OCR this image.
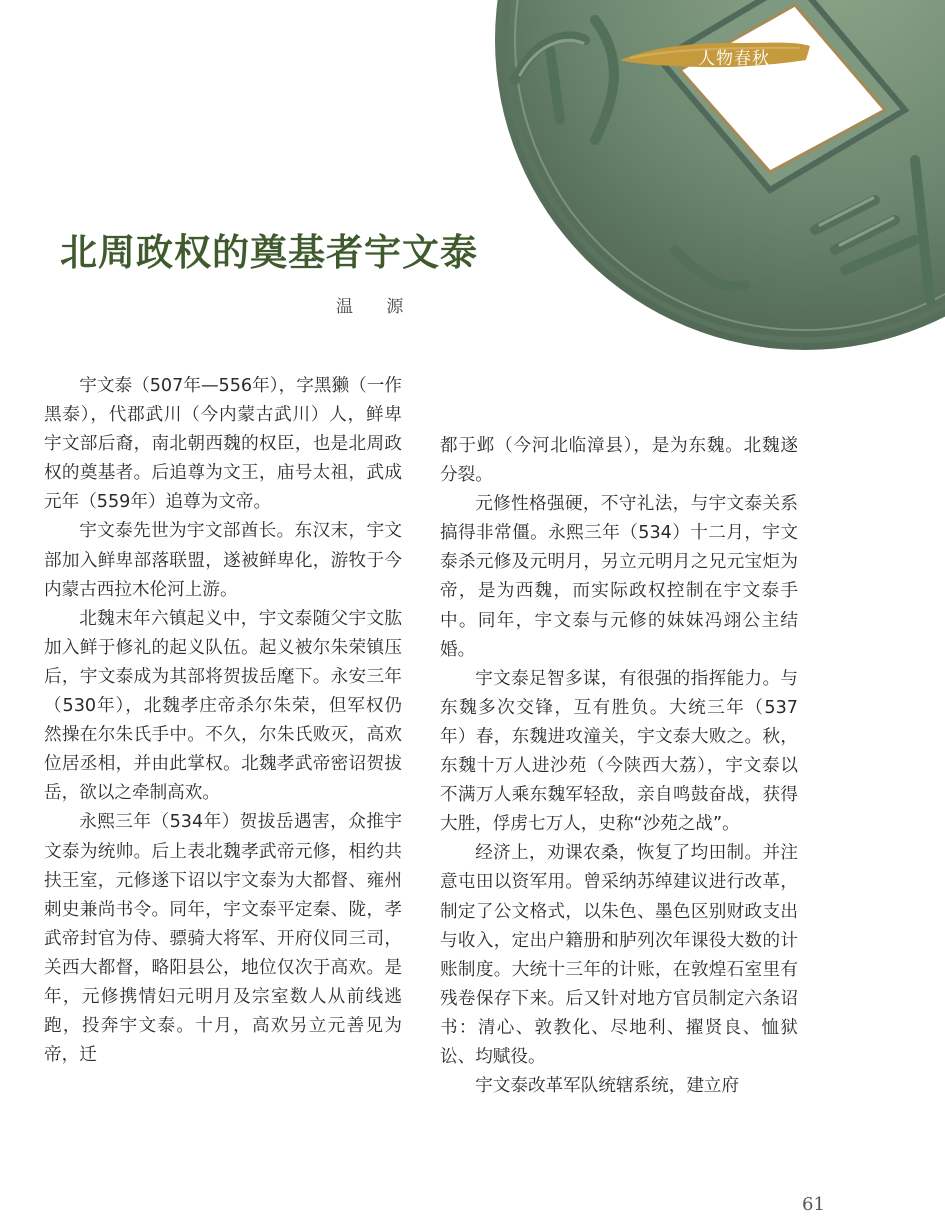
人物春秋
北周政权的奠基者宇文泰
温 源

宇文泰（507年—556年），字黑獭（一作黑泰），代郡武川（今内蒙古武川）人，鲜卑宇文部后裔，南北朝西魏的权臣，也是北周政权的奠基者。后追尊为文王，庙号太祖，武成元年（559年）追尊为文帝。

宇文泰先世为宇文部酋长。东汉末，宇文部加入鲜卑部落联盟，遂被鲜卑化，游牧于今内蒙古西拉木伦河上游。

北魏末年六镇起义中，宇文泰随父宇文肱加入鲜于修礼的起义队伍。起义被尔朱荣镇压后，宇文泰成为其部将贺拔岳麾下。永安三年（530年），北魏孝庄帝杀尔朱荣，但军权仍然操在尔朱氏手中。不久，尔朱氏败灭，高欢位居丞相，并由此掌权。北魏孝武帝密诏贺拔岳，欲以之牵制高欢。

永熙三年（534年）贺拔岳遇害，众推宇文泰为统帅。后上表北魏孝武帝元修，相约共扶王室，元修遂下诏以宇文泰为大都督、雍州刺史兼尚书令。同年，宇文泰平定秦、陇，孝武帝封官为侍、骠骑大将军、开府仪同三司，关西大都督，略阳县公，地位仅次于高欢。是年，元修携情妇元明月及宗室数人从前线逃跑，投奔宇文泰。十月，高欢另立元善见为帝，迁

都于邺（今河北临漳县），是为东魏。北魏遂分裂。

元修性格强硬，不守礼法，与宇文泰关系搞得非常僵。永熙三年（534）十二月，宇文泰杀元修及元明月，另立元明月之兄元宝炬为帝，是为西魏，而实际政权控制在宇文泰手中。同年，宇文泰与元修的妹妹冯翊公主结婚。

宇文泰足智多谋，有很强的指挥能力。与东魏多次交锋，互有胜负。大统三年（537年）春，东魏进攻潼关，宇文泰大败之。秋，东魏十万人进沙苑（今陕西大荔），宇文泰以不满万人乘东魏军轻敌，亲自鸣鼓奋战，获得大胜，俘虏七万人，史称“沙苑之战”。

经济上，劝课农桑，恢复了均田制。并注意屯田以资军用。曾采纳苏绰建议进行改革，制定了公文格式，以朱色、墨色区别财政支出与收入，定出户籍册和胪列次年课役大数的计账制度。大统十三年的计账，在敦煌石室里有残卷保存下来。后又针对地方官员制定六条诏书：清心、敦教化、尽地利、擢贤良、恤狱讼、均赋役。

宇文泰改革军队统辖系统，建立府

61
